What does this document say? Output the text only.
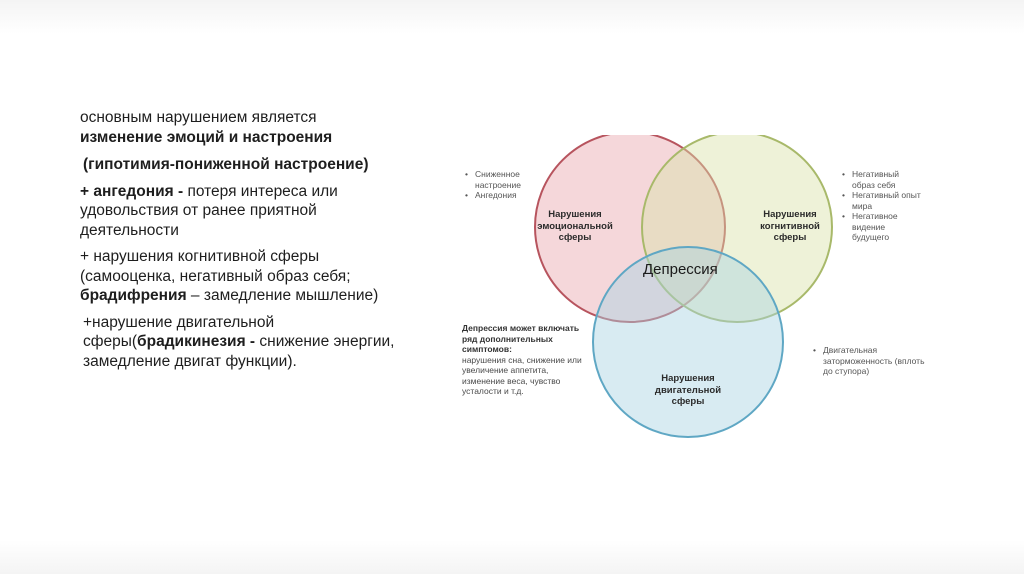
основным нарушением является
изменение эмоций и настроения

(гипотимия-пониженной настроение)

+ ангедония - потеря интереса или удовольствия от ранее приятной деятельности

+ нарушения когнитивной сферы (самооценка, негативный образ себя; брадифрения – замедление мышление)

+нарушение двигательной сферы(брадикинезия - снижение энергии, замедление двигат функции).

Нарушения эмоциональной сферы
Нарушения когнитивной сферы
Нарушения двигательной сферы
Депрессия
• Сниженное настроение
• Ангедония
• Негативный образ себя
• Негативный опыт мира
• Негативное видение будущего
• Двигательная заторможенность (вплоть до ступора)
Депрессия может включать ряд дополнительных симптомов:
нарушения сна, снижение или увеличение аппетита, изменение веса, чувство усталости и т.д.
